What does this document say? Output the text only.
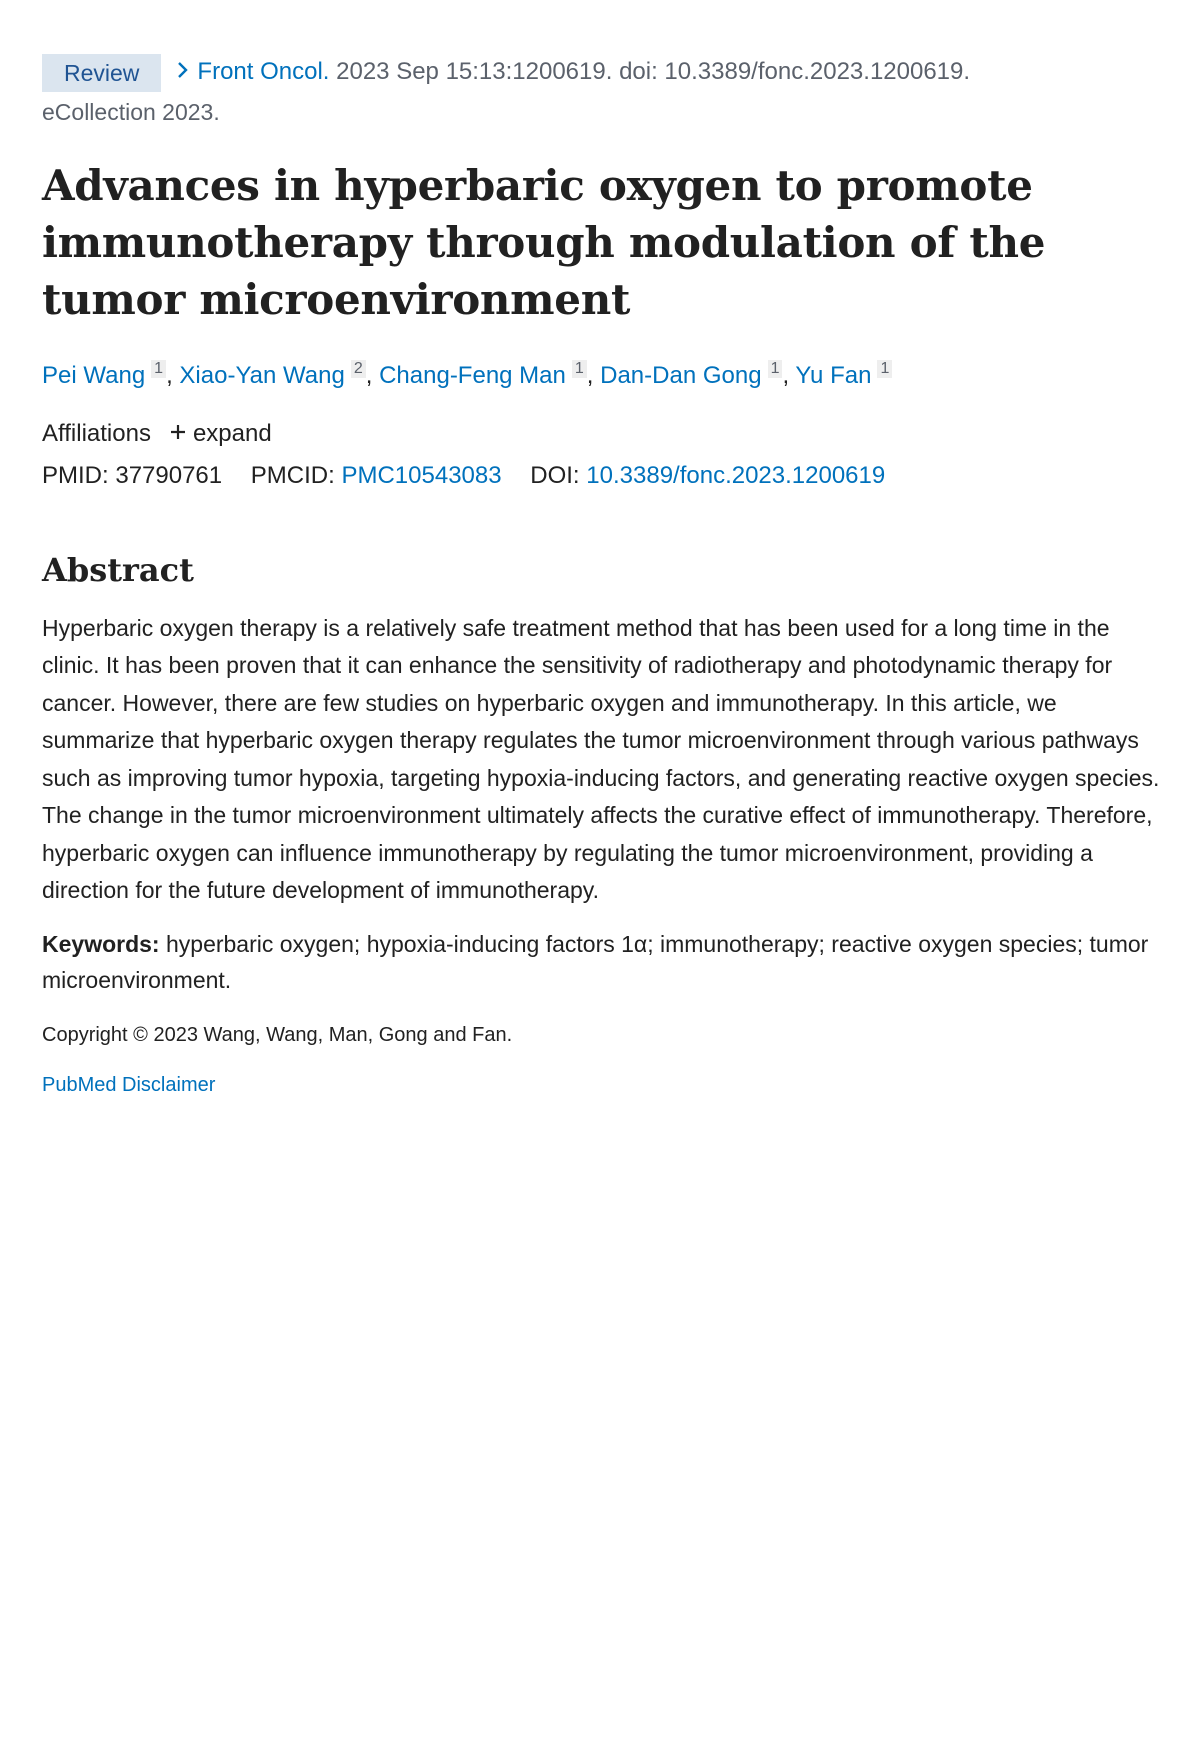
Review Front Oncol. 2023 Sep 15:13:1200619. doi: 10.3389/fonc.2023.1200619.
eCollection 2023.
Advances in hyperbaric oxygen to promote immunotherapy through modulation of the tumor microenvironment
Pei Wang 1 , Xiao-Yan Wang 2 , Chang-Feng Man 1 , Dan-Dan Gong 1 , Yu Fan 1
Affiliations expand
PMID: 37790761 PMCID: PMC10543083 DOI: 10.3389/fonc.2023.1200619
Abstract

Hyperbaric oxygen therapy is a relatively safe treatment method that has been used for a long time in the clinic. It has been proven that it can enhance the sensitivity of radiotherapy and photodynamic therapy for cancer. However, there are few studies on hyperbaric oxygen and immunotherapy. In this article, we summarize that hyperbaric oxygen therapy regulates the tumor microenvironment through various pathways such as improving tumor hypoxia, targeting hypoxia-inducing factors, and generating reactive oxygen species. The change in the tumor microenvironment ultimately affects the curative effect of immunotherapy. Therefore, hyperbaric oxygen can influence immunotherapy by regulating the tumor microenvironment, providing a direction for the future development of immunotherapy.

Keywords: hyperbaric oxygen; hypoxia-inducing factors 1α; immunotherapy; reactive oxygen species; tumor microenvironment.
Copyright © 2023 Wang, Wang, Man, Gong and Fan.
PubMed Disclaimer
